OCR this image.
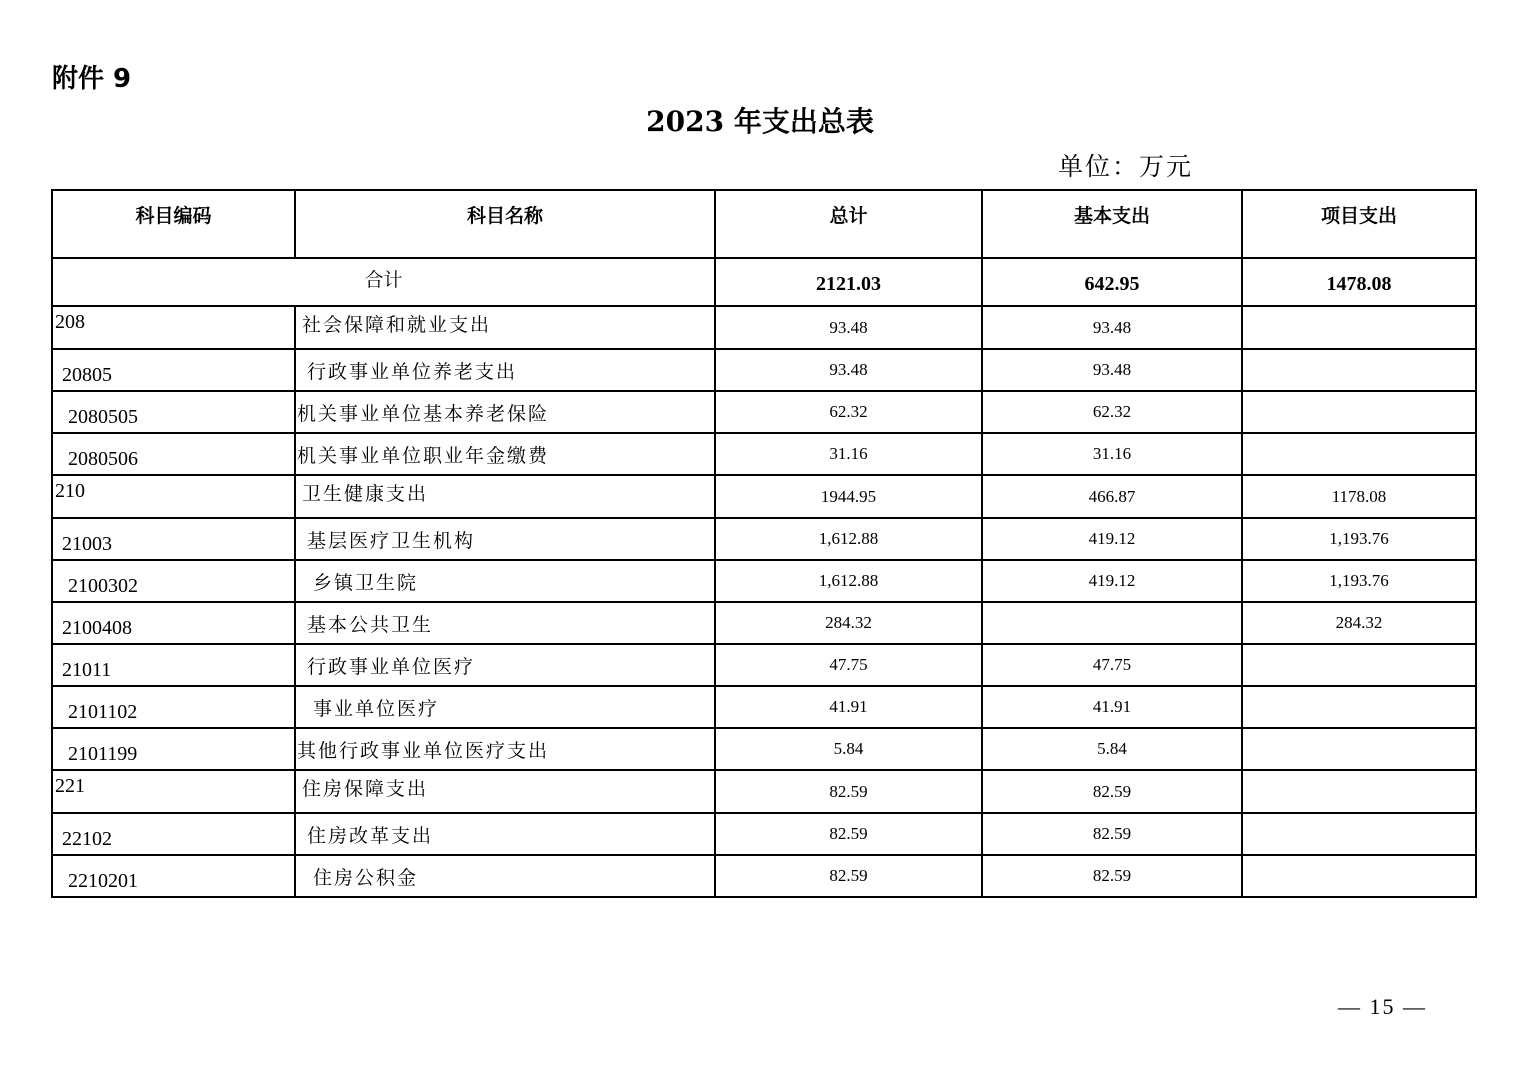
附件 9
2023 年支出总表
单位：万元
科目编码	科目名称	总计	基本支出	项目支出
合计		2121.03	642.95	1478.08
208	社会保障和就业支出	93.48	93.48	
20805	行政事业单位养老支出	93.48	93.48	
2080505	机关事业单位基本养老保险	62.32	62.32	
2080506	机关事业单位职业年金缴费	31.16	31.16	
210	卫生健康支出	1944.95	466.87	1178.08
21003	基层医疗卫生机构	1,612.88	419.12	1,193.76
2100302	乡镇卫生院	1,612.88	419.12	1,193.76
2100408	基本公共卫生	284.32		284.32
21011	行政事业单位医疗	47.75	47.75	
2101102	事业单位医疗	41.91	41.91	
2101199	其他行政事业单位医疗支出	5.84	5.84	
221	住房保障支出	82.59	82.59	
22102	住房改革支出	82.59	82.59	
2210201	住房公积金	82.59	82.59	
— 15 —
